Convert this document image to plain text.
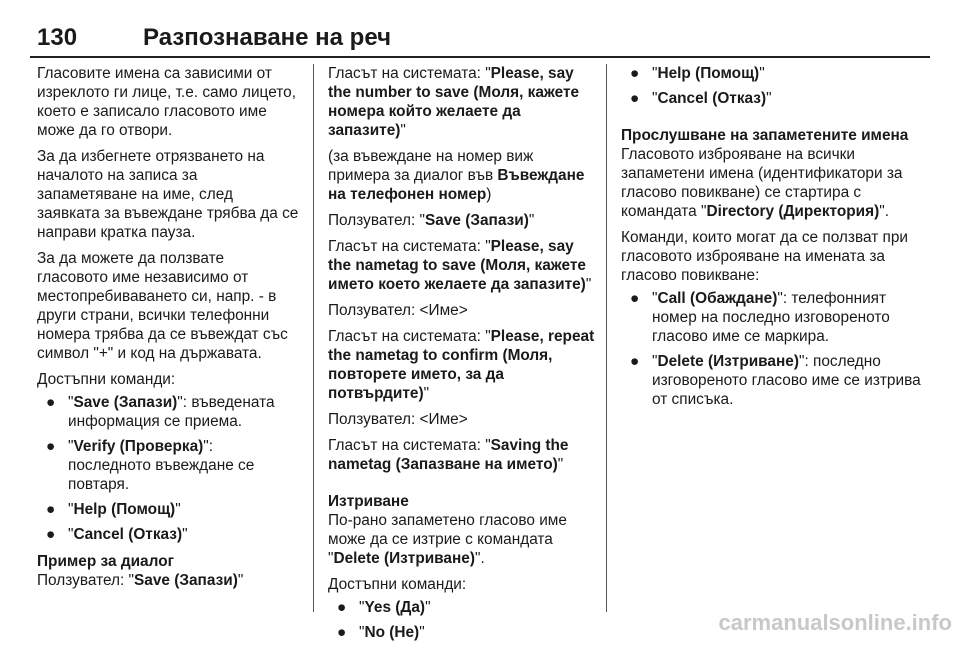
130	Разпознаване на реч

Гласовите имена са зависими от изреклото ги лице, т.е. само лицето, което е записало гласовото име може да го отвори.

За да избегнете отрязването на началото на записа за запаметяване на име, след заявката за въвеждане трябва да се направи кратка пауза.

За да можете да ползвате гласовото име независимо от местопребиваването си, напр. - в други страни, всички телефонни номера трябва да се въвеждат със символ "+" и код на държавата.

Достъпни команди:

● "Save (Запази)": въведената информация се приема.
● "Verify (Проверка)": последното въвеждане се повтаря.
● "Help (Помощ)"
● "Cancel (Отказ)"

Пример за диалог

Ползувател: "Save (Запази)"

Гласът на системата: "Please, say the number to save (Моля, кажете номера който желаете да запазите)"

(за въвеждане на номер виж примера за диалог във Въвеждане на телефонен номер)

Ползувател: "Save (Запази)"

Гласът на системата: "Please, say the nametag to save (Моля, кажете името което желаете да запазите)"

Ползувател: <Име>

Гласът на системата: "Please, repeat the nametag to confirm (Моля, повторете името, за да потвърдите)"

Ползувател: <Име>

Гласът на системата: "Saving the nametag (Запазване на името)"

Изтриване

По-рано запаметено гласово име може да се изтрие с командата "Delete (Изтриване)".

Достъпни команди:

● "Yes (Да)"
● "No (Не)"
● "Help (Помощ)"
● "Cancel (Отказ)"

Прослушване на запаметените имена

Гласовото изброяване на всички запаметени имена (идентификатори за гласово повикване) се стартира с командата "Directory (Директория)".

Команди, които могат да се ползват при гласовото изброяване на имената за гласово повикване:

● "Call (Обаждане)": телефонният номер на последно изговореното гласово име се маркира.
● "Delete (Изтриване)": последно изговореното гласово име се изтрива от списъка.
carmanualsonline.info
